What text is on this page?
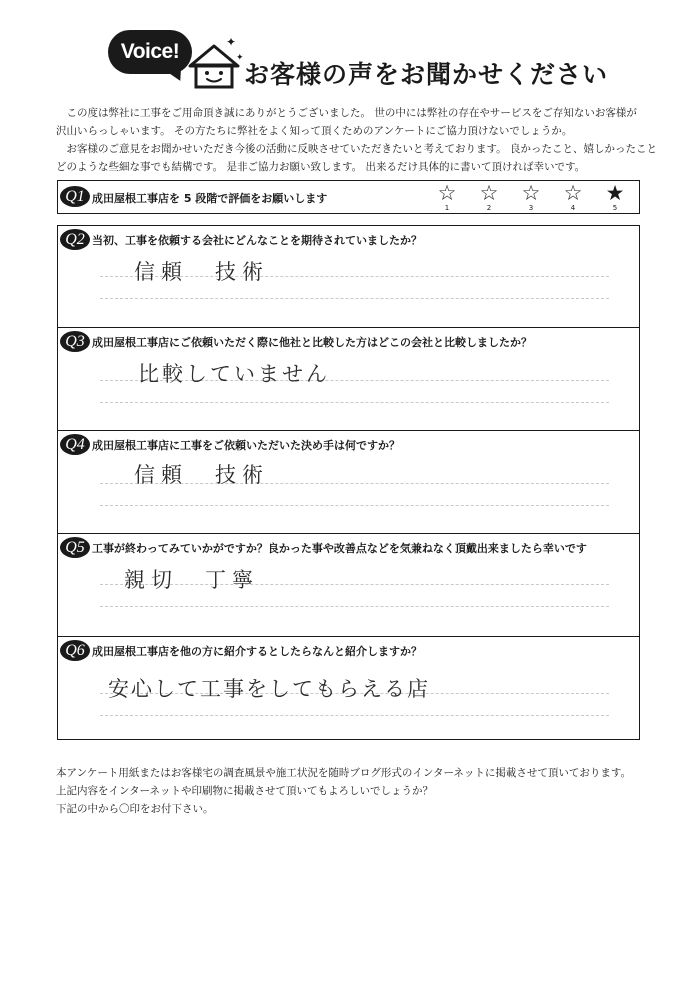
Voice!	✦
✦
お客様の声をお聞かせください
　この度は弊社に工事をご用命頂き誠にありがとうございました。 世の中には弊社の存在やサービスをご存知ないお客様が
沢山いらっしゃいます。 その方たちに弊社をよく知って頂くためのアンケートにご協力頂けないでしょうか。
　お客様のご意見をお聞かせいただき今後の活動に反映させていただきたいと考えております。 良かったこと、嬉しかったこと
どのような些細な事でも結構です。 是非ご協力お願い致します。 出来るだけ具体的に書いて頂ければ幸いです。
Q1 成田屋根工事店を 5 段階で評価をお願いします	☆
1
☆
2
☆
3
☆
4
★
5
Q2 当初、工事を依頼する会社にどんなことを期待されていましたか？
信頼　技術
Q3 成田屋根工事店にご依頼いただく際に他社と比較した方はどこの会社と比較しましたか？
比較していません
Q4 成田屋根工事店に工事をご依頼いただいた決め手は何ですか？
信頼　技術
Q5 工事が終わってみていかがですか？良かった事や改善点などを気兼ねなく頂戴出来ましたら幸いです
親切　丁寧
Q6 成田屋根工事店を他の方に紹介するとしたらなんと紹介しますか？
安心して工事をしてもらえる店
本アンケート用紙またはお客様宅の調査風景や施工状況を随時ブログ形式のインターネットに掲載させて頂いております。
上記内容をインターネットや印刷物に掲載させて頂いてもよろしいでしょうか？
下記の中から〇印をお付下さい。
